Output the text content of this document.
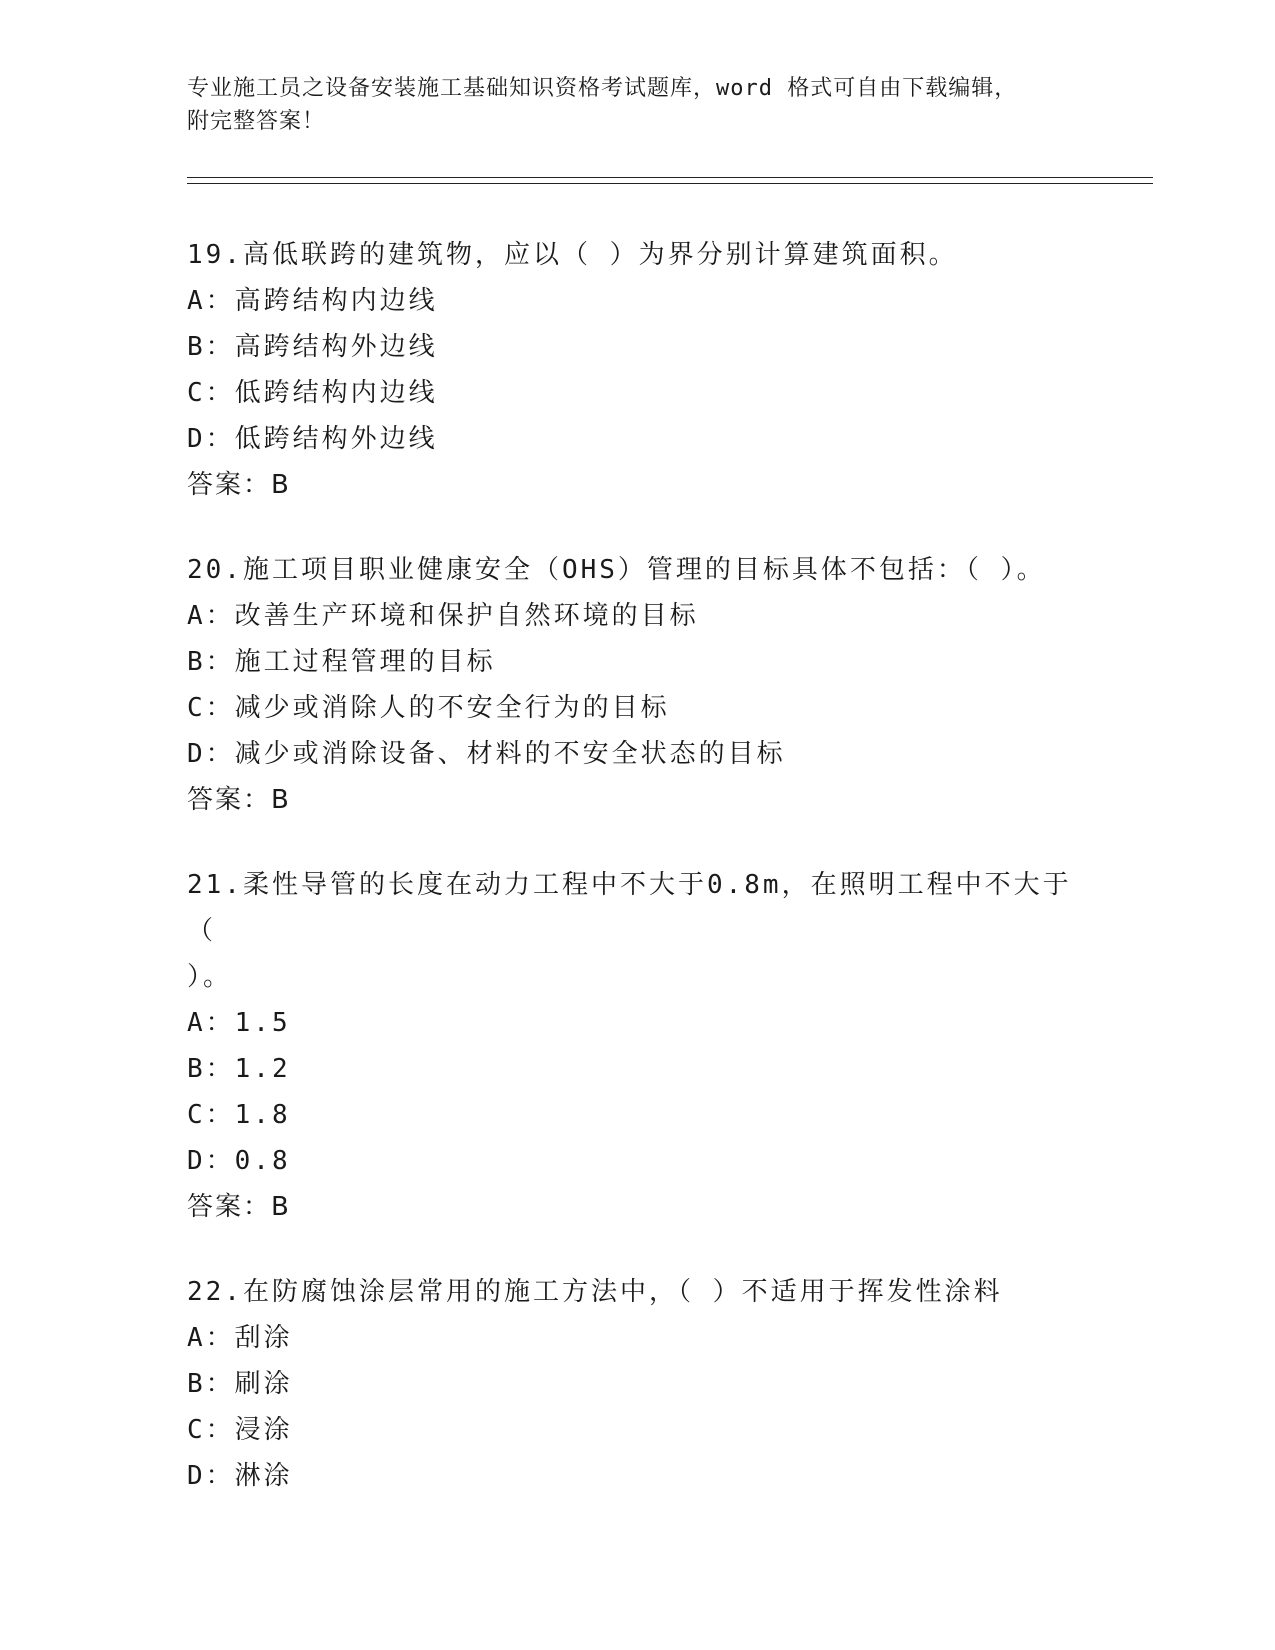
专业施工员之设备安装施工基础知识资格考试题库，word 格式可自由下载编辑，
附完整答案！
19.高低联跨的建筑物，应以（ ）为界分别计算建筑面积。
A：高跨结构内边线
B：高跨结构外边线
C：低跨结构内边线
D：低跨结构外边线
答案：B
20.施工项目职业健康安全（OHS）管理的目标具体不包括：（ ）。
A：改善生产环境和保护自然环境的目标
B：施工过程管理的目标
C：减少或消除人的不安全行为的目标
D：减少或消除设备、材料的不安全状态的目标
答案：B
21.柔性导管的长度在动力工程中不大于0.8m，在照明工程中不大于（
）。
A：1.5
B：1.2
C：1.8
D：0.8
答案：B
22.在防腐蚀涂层常用的施工方法中，（ ）不适用于挥发性涂料
A：刮涂
B：刷涂
C：浸涂
D：淋涂
